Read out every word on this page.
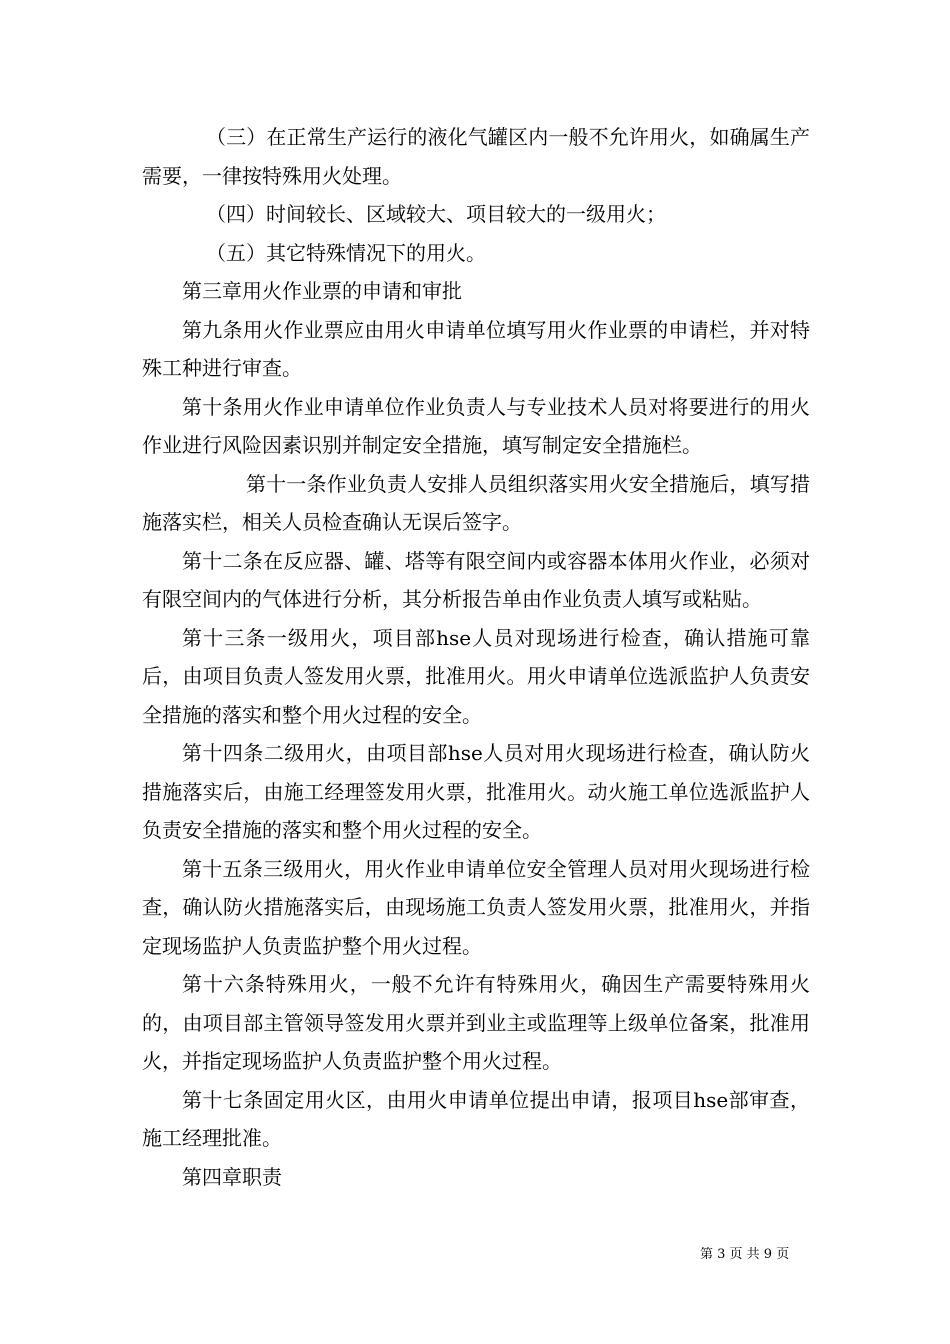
（三）在正常生产运行的液化气罐区内一般不允许用火，如确属生产需要，一律按特殊用火处理。

（四）时间较长、区域较大、项目较大的一级用火；

（五）其它特殊情况下的用火。

第三章用火作业票的申请和审批

第九条用火作业票应由用火申请单位填写用火作业票的申请栏，并对特殊工种进行审查。

第十条用火作业申请单位作业负责人与专业技术人员对将要进行的用火作业进行风险因素识别并制定安全措施，填写制定安全措施栏。

第十一条作业负责人安排人员组织落实用火安全措施后，填写措施落实栏，相关人员检查确认无误后签字。

第十二条在反应器、罐、塔等有限空间内或容器本体用火作业，必须对有限空间内的气体进行分析，其分析报告单由作业负责人填写或粘贴。

第十三条一级用火，项目部hse人员对现场进行检查，确认措施可靠后，由项目负责人签发用火票，批准用火。用火申请单位选派监护人负责安全措施的落实和整个用火过程的安全。

第十四条二级用火，由项目部hse人员对用火现场进行检查，确认防火措施落实后，由施工经理签发用火票，批准用火。动火施工单位选派监护人负责安全措施的落实和整个用火过程的安全。

第十五条三级用火，用火作业申请单位安全管理人员对用火现场进行检查，确认防火措施落实后，由现场施工负责人签发用火票，批准用火，并指定现场监护人负责监护整个用火过程。

第十六条特殊用火，一般不允许有特殊用火，确因生产需要特殊用火的，由项目部主管领导签发用火票并到业主或监理等上级单位备案，批准用火，并指定现场监护人负责监护整个用火过程。

第十七条固定用火区，由用火申请单位提出申请，报项目hse部审查，施工经理批准。

第四章职责

第 3 页 共 9 页
